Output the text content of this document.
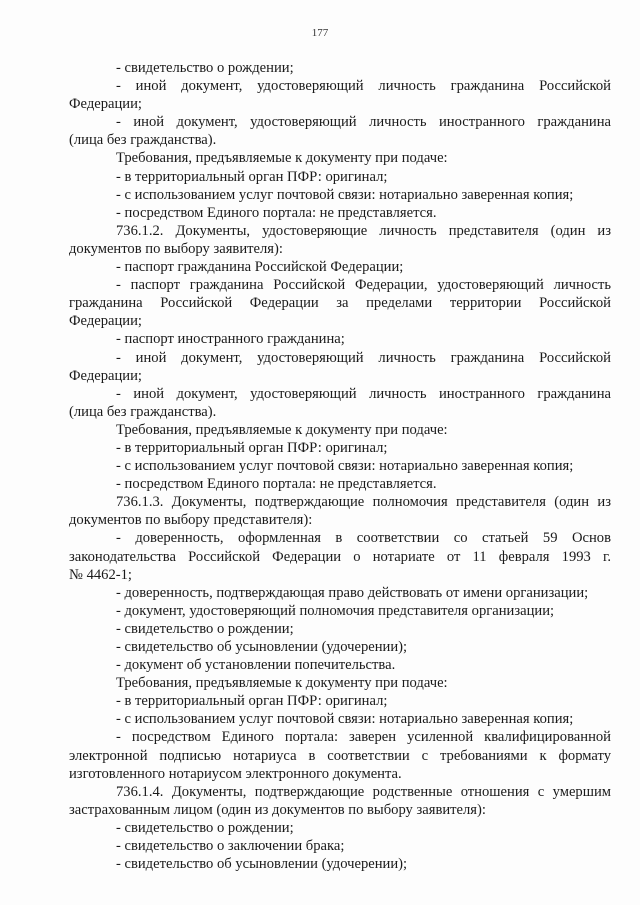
177
- свидетельство о рождении;
- иной документ, удостоверяющий личность гражданина Российской
Федерации;
- иной документ, удостоверяющий личность иностранного гражданина
(лица без гражданства).
Требования, предъявляемые к документу при подаче:
- в территориальный орган ПФР: оригинал;
- с использованием услуг почтовой связи: нотариально заверенная копия;
- посредством Единого портала: не представляется.
736.1.2. Документы, удостоверяющие личность представителя (один из
документов по выбору заявителя):
- паспорт гражданина Российской Федерации;
- паспорт гражданина Российской Федерации, удостоверяющий личность
гражданина Российской Федерации за пределами территории Российской
Федерации;
- паспорт иностранного гражданина;
- иной документ, удостоверяющий личность гражданина Российской
Федерации;
- иной документ, удостоверяющий личность иностранного гражданина
(лица без гражданства).
Требования, предъявляемые к документу при подаче:
- в территориальный орган ПФР: оригинал;
- с использованием услуг почтовой связи: нотариально заверенная копия;
- посредством Единого портала: не представляется.
736.1.3. Документы, подтверждающие полномочия представителя (один из
документов по выбору представителя):
- доверенность, оформленная в соответствии со статьей 59 Основ
законодательства Российской Федерации о нотариате от 11 февраля 1993 г.
№ 4462-1;
- доверенность, подтверждающая право действовать от имени организации;
- документ, удостоверяющий полномочия представителя организации;
- свидетельство о рождении;
- свидетельство об усыновлении (удочерении);
- документ об установлении попечительства.
Требования, предъявляемые к документу при подаче:
- в территориальный орган ПФР: оригинал;
- с использованием услуг почтовой связи: нотариально заверенная копия;
- посредством Единого портала: заверен усиленной квалифицированной
электронной подписью нотариуса в соответствии с требованиями к формату
изготовленного нотариусом электронного документа.
736.1.4. Документы, подтверждающие родственные отношения с умершим
застрахованным лицом (один из документов по выбору заявителя):
- свидетельство о рождении;
- свидетельство о заключении брака;
- свидетельство об усыновлении (удочерении);
